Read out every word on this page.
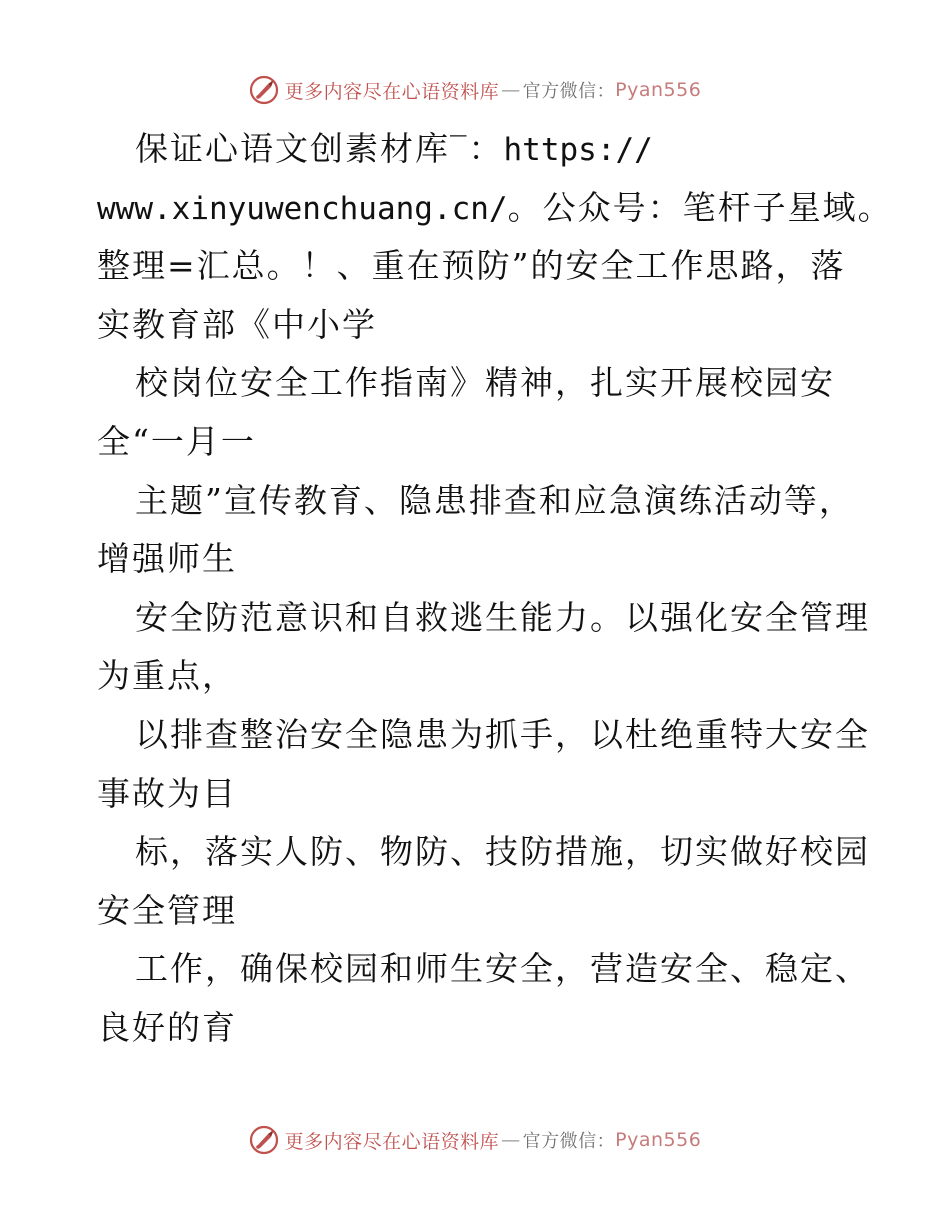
更多内容尽在心语资料库 — 官方微信： Pyan556
保证心语文创素材库‾：https://
www.xinyuwenchuang.cn/。公众号：笔杆子星域。
整理=汇总。！、重在预防”的安全工作思路，落
实教育部《中小学
校岗位安全工作指南》精神，扎实开展校园安
全“一月一
主题”宣传教育、隐患排查和应急演练活动等，
增强师生
安全防范意识和自救逃生能力。以强化安全管理
为重点，
以排查整治安全隐患为抓手，以杜绝重特大安全
事故为目
标，落实人防、物防、技防措施，切实做好校园
安全管理
工作，确保校园和师生安全，营造安全、稳定、
良好的育
更多内容尽在心语资料库 — 官方微信： Pyan556
